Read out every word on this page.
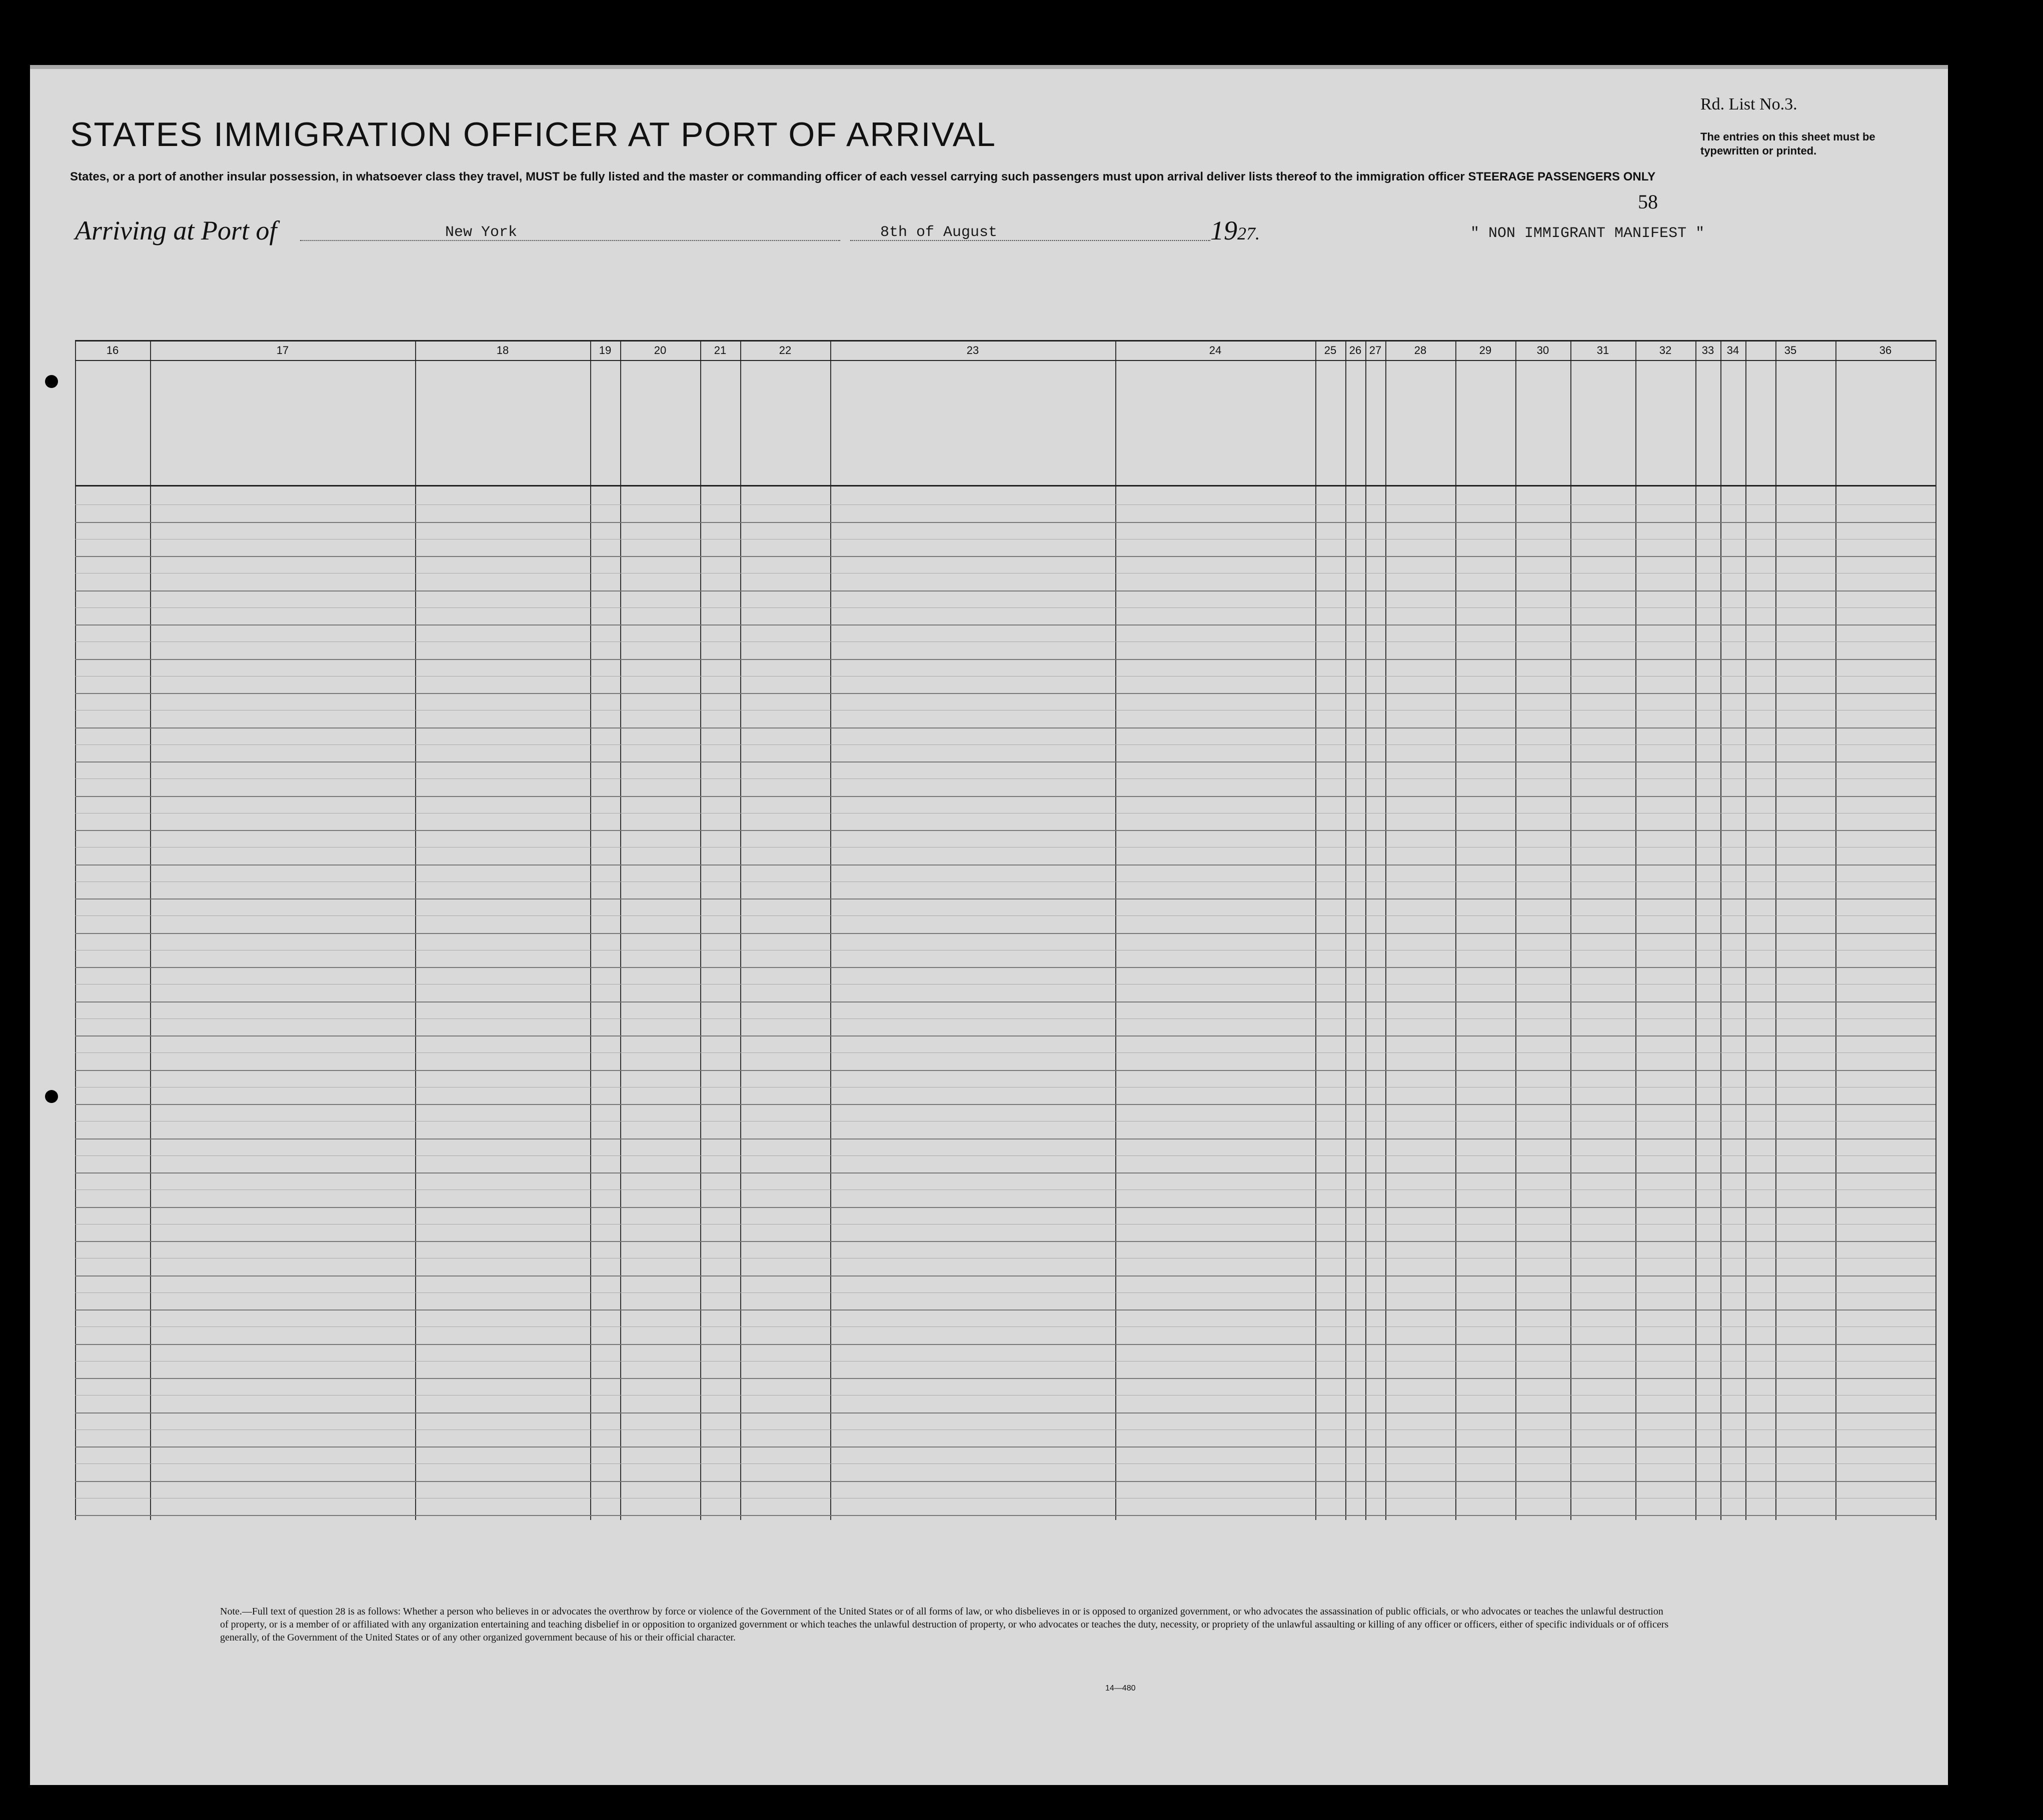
STATES IMMIGRATION OFFICER AT PORT OF ARRIVAL
Rd. List No.3.
The entries on this sheet must be typewritten or printed.
States, or a port of another insular possession, in whatsoever class they travel, MUST be fully listed and the master or commanding officer of each vessel carrying such passengers must upon arrival deliver lists thereof to the immigration officer STEERAGE PASSENGERS ONLY
58
Arriving at Port of	New York	8th of August	1927.	" NON IMMIGRANT MANIFEST "
16	17	18	19	20	21	22	23	24	25	26 27	28	29	30	31	32	33	34	35	36
Note.—Full text of question 28 is as follows: Whether a person who believes in or advocates the overthrow by force or violence of the Government of the United States or of all forms of law, or who disbelieves in or is opposed to organized government, or who advocates the assassination of public officials, or who advocates or teaches the unlawful destruction of property, or is a member of or affiliated with any organization entertaining and teaching disbelief in or opposition to organized government or which teaches the unlawful destruction of property, or who advocates or teaches the duty, necessity, or propriety of the unlawful assaulting or killing of any officer or officers, either of specific individuals or of officers generally, of the Government of the United States or of any other organized government because of his or their official character.
14—480
